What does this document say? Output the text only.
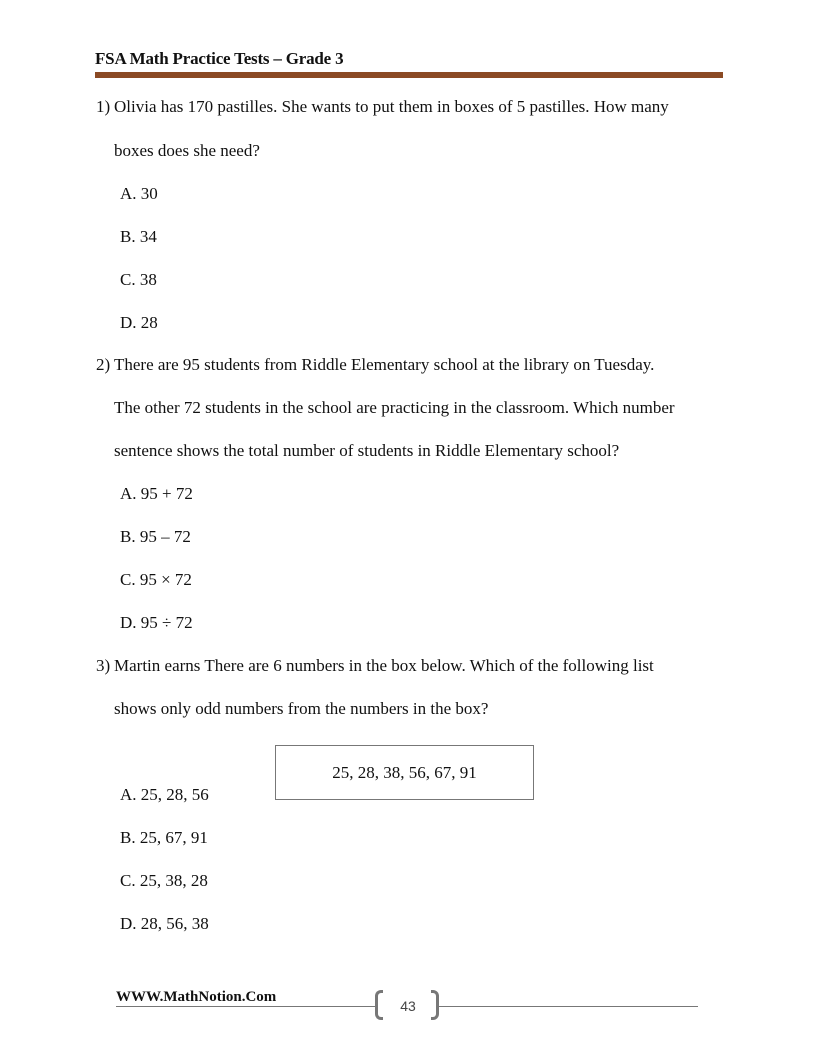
FSA Math Practice Tests – Grade 3
1) Olivia has 170 pastilles. She wants to put them in boxes of 5 pastilles. How many
boxes does she need?
A. 30
B. 34
C. 38
D. 28
2) There are 95 students from Riddle Elementary school at the library on Tuesday.
The other 72 students in the school are practicing in the classroom. Which number
sentence shows the total number of students in Riddle Elementary school?
A. 95 + 72
B. 95 – 72
C. 95 × 72
D. 95 ÷ 72
3) Martin earns There are 6 numbers in the box below. Which of the following list
shows only odd numbers from the numbers in the box?
25, 28, 38, 56, 67, 91
A. 25, 28, 56
B. 25, 67, 91
C. 25, 38, 28
D. 28, 56, 38
WWW.MathNotion.Com
43
